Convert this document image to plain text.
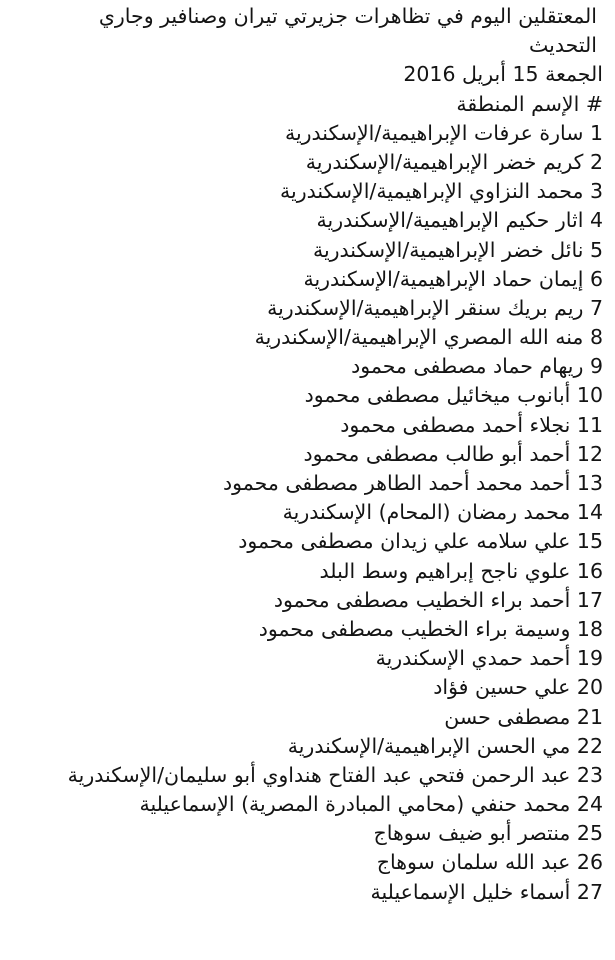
المعتقلين اليوم في تظاهرات جزيرتي تيران وصنافير وجاري
التحديث
الجمعة 15 أبريل 2016
# الإسم المنطقة
1 سارة عرفات الإبراهيمية/الإسكندرية
2 كريم خضر الإبراهيمية/الإسكندرية
3 محمد النزاوي الإبراهيمية/الإسكندرية
4 اثار حكيم الإبراهيمية/الإسكندرية
5 نائل خضر الإبراهيمية/الإسكندرية
6 إيمان حماد الإبراهيمية/الإسكندرية
7 ريم بريك سنقر الإبراهيمية/الإسكندرية
8 منه الله المصري الإبراهيمية/الإسكندرية
9 ريهام حماد مصطفى محمود
10 أبانوب ميخائيل مصطفى محمود
11 نجلاء أحمد مصطفى محمود
12 أحمد أبو طالب مصطفى محمود
13 أحمد محمد أحمد الطاهر مصطفى محمود
14 محمد رمضان (المحام) الإسكندرية
15 علي سلامه علي زيدان مصطفى محمود
16 علوي ناجح إبراهيم وسط البلد
17 أحمد براء الخطيب مصطفى محمود
18 وسيمة براء الخطيب مصطفى محمود
19 أحمد حمدي الإسكندرية
20 علي حسين فؤاد
21 مصطفى حسن
22 مي الحسن الإبراهيمية/الإسكندرية
23 عبد الرحمن فتحي عبد الفتاح هنداوي أبو سليمان/الإسكندرية
24 محمد حنفي (محامي المبادرة المصرية) الإسماعيلية
25 منتصر أبو ضيف سوهاج
26 عبد الله سلمان سوهاج
27 أسماء خليل الإسماعيلية
